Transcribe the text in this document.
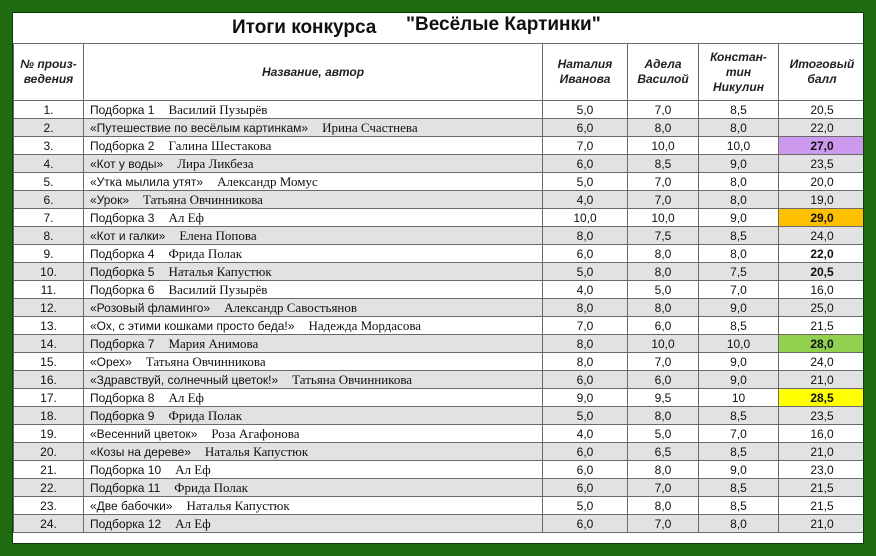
Итоги конкурса "Весёлые Картинки"
№ произ-ведения	Название, автор	Наталия Иванова	Адела Василой	Констан-тин Никулин	Итоговый балл
1.	Подборка 1 Василий Пузырёв	5,0	7,0	8,5	20,5
2.	«Путешествие по весёлым картинкам» Ирина Счастнева	6,0	8,0	8,0	22,0
3.	Подборка 2 Галина Шестакова	7,0	10,0	10,0	27,0
4.	«Кот у воды» Лира Ликбеза	6,0	8,5	9,0	23,5
5.	«Утка мылила утят» Александр Момус	5,0	7,0	8,0	20,0
6.	«Урок» Татьяна Овчинникова	4,0	7,0	8,0	19,0
7.	Подборка 3 Ал Еф	10,0	10,0	9,0	29,0
8.	«Кот и галки» Елена Попова	8,0	7,5	8,5	24,0
9.	Подборка 4 Фрида Полак	6,0	8,0	8,0	22,0
10.	Подборка 5 Наталья Капустюк	5,0	8,0	7,5	20,5
11.	Подборка 6 Василий Пузырёв	4,0	5,0	7,0	16,0
12.	«Розовый фламинго» Александр Савостьянов	8,0	8,0	9,0	25,0
13.	«Ох, с этими кошками просто беда!» Надежда Мордасова	7,0	6,0	8,5	21,5
14.	Подборка 7 Мария Анимова	8,0	10,0	10,0	28,0
15.	«Орех» Татьяна Овчинникова	8,0	7,0	9,0	24,0
16.	«Здравствуй, солнечный цветок!» Татьяна Овчинникова	6,0	6,0	9,0	21,0
17.	Подборка 8 Ал Еф	9,0	9,5	10	28,5
18.	Подборка 9 Фрида Полак	5,0	8,0	8,5	23,5
19.	«Весенний цветок» Роза Агафонова	4,0	5,0	7,0	16,0
20.	«Козы на дереве» Наталья Капустюк	6,0	6,5	8,5	21,0
21.	Подборка 10 Ал Еф	6,0	8,0	9,0	23,0
22.	Подборка 11 Фрида Полак	6,0	7,0	8,5	21,5
23.	«Две бабочки» Наталья Капустюк	5,0	8,0	8,5	21,5
24.	Подборка 12 Ал Еф	6,0	7,0	8,0	21,0
